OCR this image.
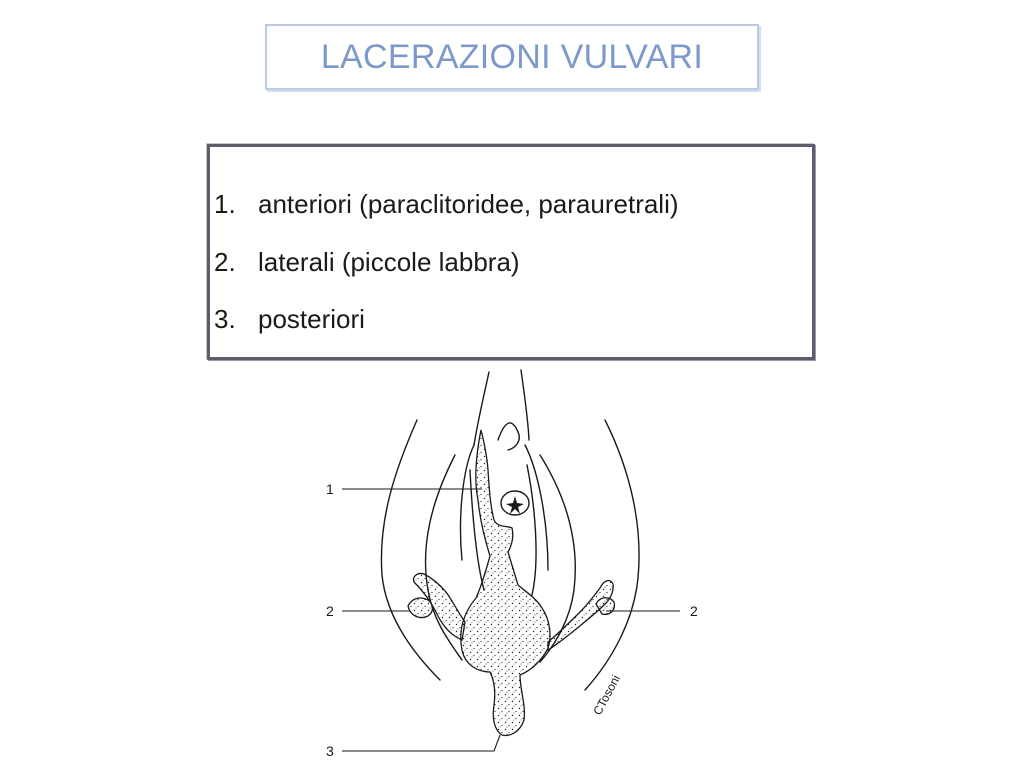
LACERAZIONI VULVARI
1. anteriori (paraclitoridee, parauretrali)
2. laterali (piccole labbra)
3. posteriori
1
2	2
3
CTosoni
